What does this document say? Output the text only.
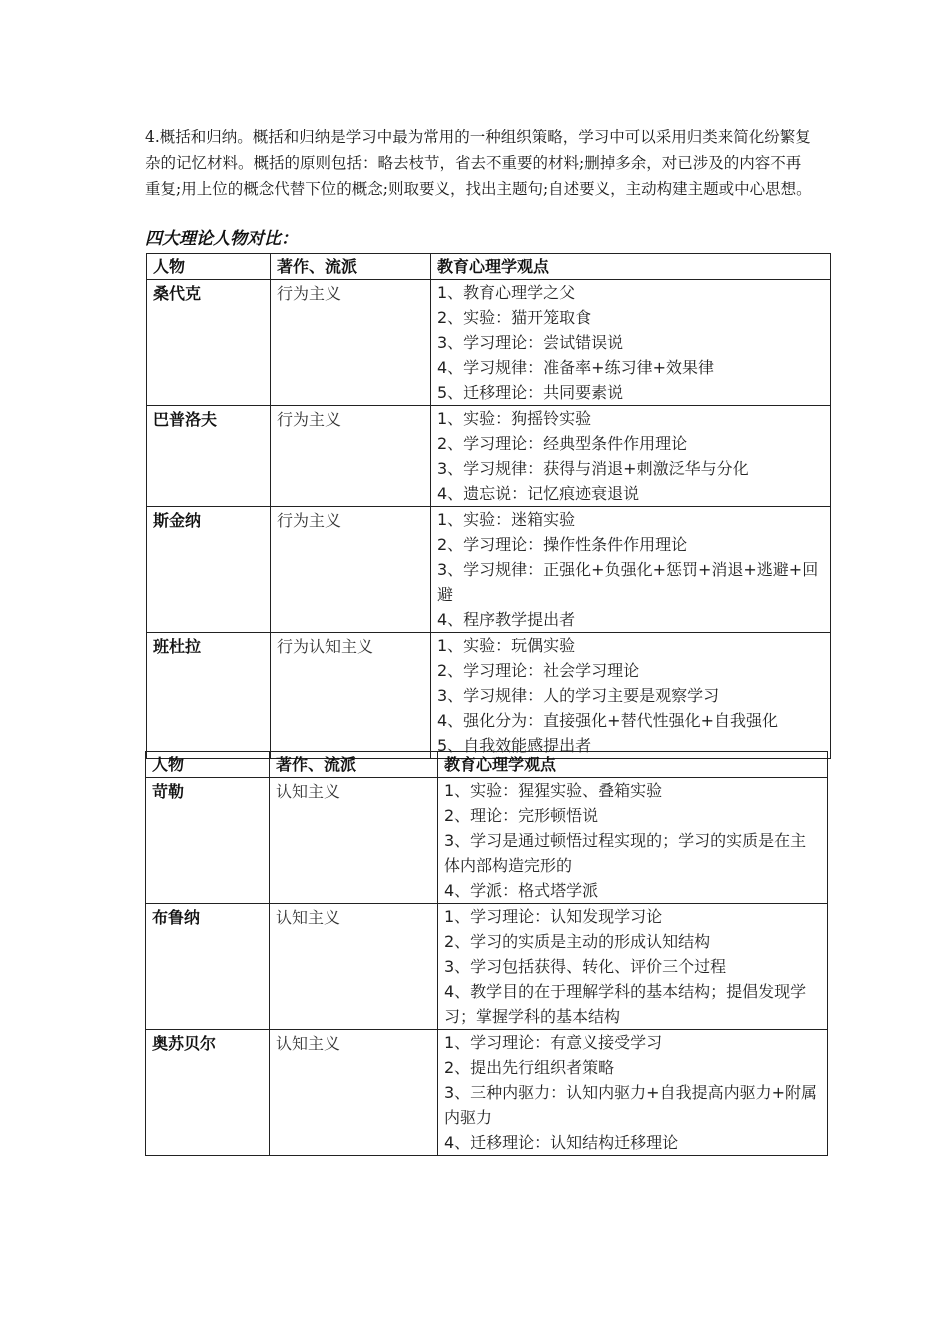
4.概括和归纳。概括和归纳是学习中最为常用的一种组织策略，学习中可以采用归类来简化纷繁复杂的记忆材料。概括的原则包括：略去枝节，省去不重要的材料;删掉多余，对已涉及的内容不再重复;用上位的概念代替下位的概念;则取要义，找出主题句;自述要义，主动构建主题或中心思想。
四大理论人物对比：
人物	著作、流派	教育心理学观点
桑代克	行为主义	1、教育心理学之父
2、实验：猫开笼取食
3、学习理论：尝试错误说
4、学习规律：准备率+练习律+效果律
5、迁移理论：共同要素说

巴普洛夫	行为主义	1、实验：狗摇铃实验
2、学习理论：经典型条件作用理论
3、学习规律：获得与消退+刺激泛华与分化
4、遗忘说：记忆痕迹衰退说

斯金纳	行为主义	1、实验：迷箱实验
2、学习理论：操作性条件作用理论
3、学习规律：正强化+负强化+惩罚+消退+逃避+回避
4、程序教学提出者

班杜拉	行为认知主义	1、实验：玩偶实验
2、学习理论：社会学习理论
3、学习规律：人的学习主要是观察学习
4、强化分为：直接强化+替代性强化+自我强化
5、自我效能感提出者
人物	著作、流派	教育心理学观点
苛勒	认知主义	1、实验：猩猩实验、叠箱实验
2、理论：完形顿悟说
3、学习是通过顿悟过程实现的；学习的实质是在主体内部构造完形的
4、学派：格式塔学派

布鲁纳	认知主义	1、学习理论：认知发现学习论
2、学习的实质是主动的形成认知结构
3、学习包括获得、转化、评价三个过程
4、教学目的在于理解学科的基本结构；提倡发现学习；掌握学科的基本结构

奥苏贝尔	认知主义	1、学习理论：有意义接受学习
2、提出先行组织者策略
3、三种内驱力：认知内驱力+自我提高内驱力+附属内驱力
4、迁移理论：认知结构迁移理论
